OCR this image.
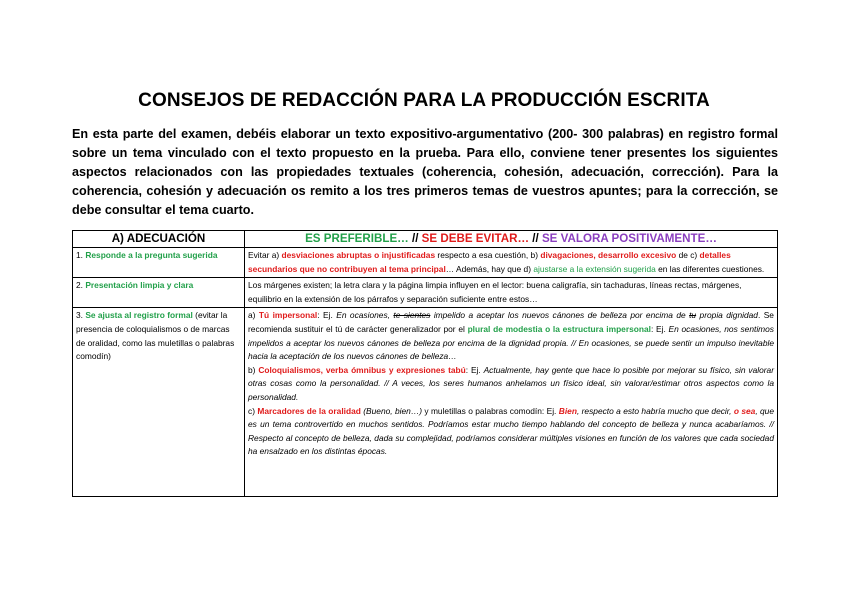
CONSEJOS DE REDACCIÓN PARA LA PRODUCCIÓN ESCRITA
En esta parte del examen, debéis elaborar un texto expositivo-argumentativo (200- 300 palabras) en registro formal sobre un tema vinculado con el texto propuesto en la prueba. Para ello, conviene tener presentes los siguientes aspectos relacionados con las propiedades textuales (coherencia, cohesión, adecuación, corrección). Para la coherencia, cohesión y adecuación os remito a los tres primeros temas de vuestros apuntes; para la corrección, se debe consultar el tema cuarto.
A) ADECUACIÓN	ES PREFERIBLE… // SE DEBE EVITAR… // SE VALORA POSITIVAMENTE…
1. Responde a la pregunta sugerida	Evitar a) desviaciones abruptas o injustificadas respecto a esa cuestión, b) divagaciones, desarrollo excesivo de c) detalles secundarios que no contribuyen al tema principal… Además, hay que d) ajustarse a la extensión sugerida en las diferentes cuestiones.
2. Presentación limpia y clara	Los márgenes existen; la letra clara y la página limpia influyen en el lector: buena caligrafía, sin tachaduras, líneas rectas, márgenes, equilibrio en la extensión de los párrafos y separación suficiente entre estos…
3. Se ajusta al registro formal (evitar la presencia de coloquialismos o de marcas de oralidad, como las muletillas o palabras comodín)	a) Tú impersonal: Ej. En ocasiones, te sientes impelido a aceptar los nuevos cánones de belleza por encima de tu propia dignidad. Se recomienda sustituir el tú de carácter generalizador por el plural de modestia o la estructura impersonal: Ej. En ocasiones, nos sentimos impelidos a aceptar los nuevos cánones de belleza por encima de la dignidad propia. // En ocasiones, se puede sentir un impulso inevitable hacia la aceptación de los nuevos cánones de belleza…
b) Coloquialismos, verba ómnibus y expresiones tabú: Ej. Actualmente, hay gente que hace lo posible por mejorar su físico, sin valorar otras cosas como la personalidad. // A veces, los seres humanos anhelamos un físico ideal, sin valorar/estimar otros aspectos como la personalidad.
c) Marcadores de la oralidad (Bueno, bien…) y muletillas o palabras comodín: Ej. Bien, respecto a esto habría mucho que decir, o sea, que es un tema controvertido en muchos sentidos. Podríamos estar mucho tiempo hablando del concepto de belleza y nunca acabaríamos. // Respecto al concepto de belleza, dada su complejidad, podríamos considerar múltiples visiones en función de los valores que cada sociedad ha ensalzado en los distintas épocas.
